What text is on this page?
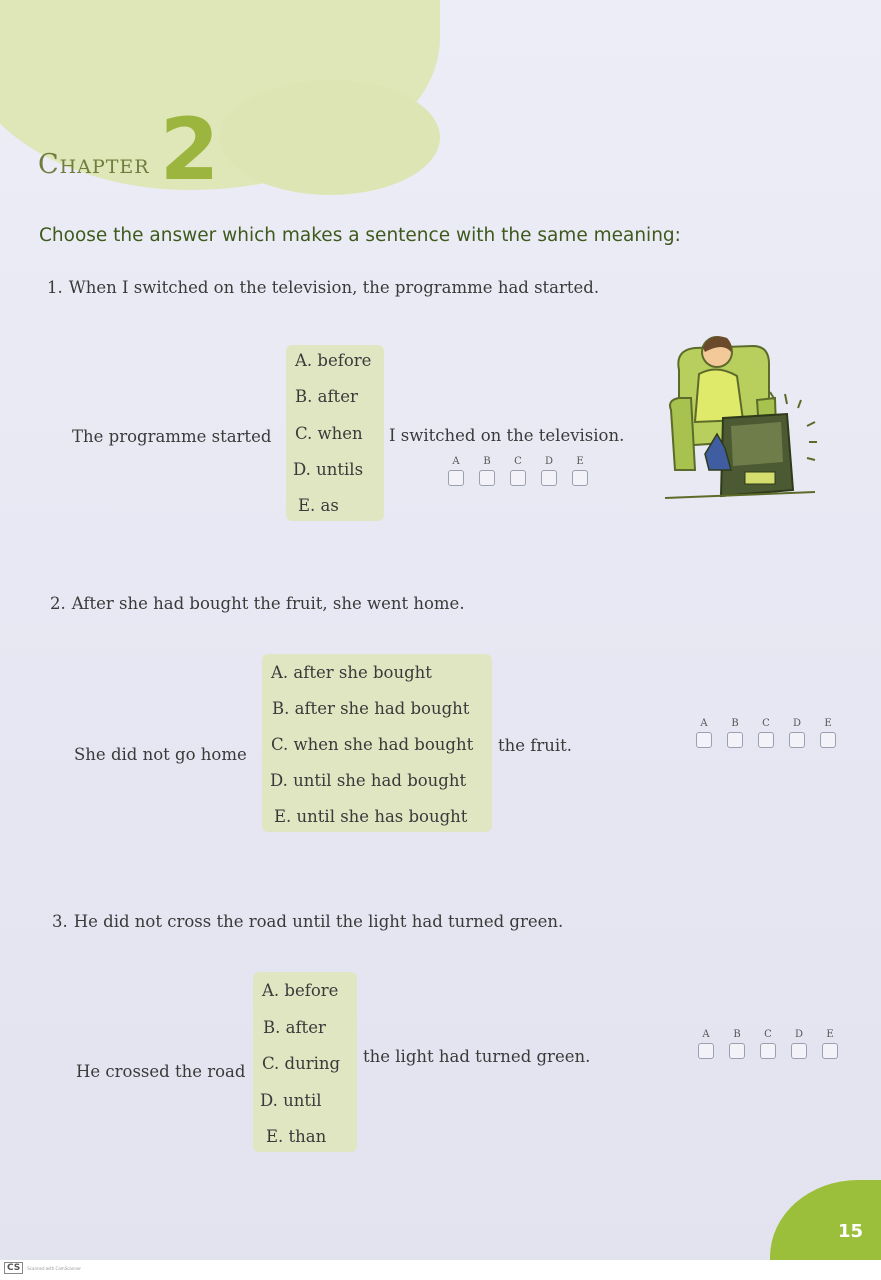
Chapter 2
Choose the answer which makes a sentence with the same meaning:
1. When I switched on the television, the programme had started.
A. before
B. after
C. when
D. untils
E. as
The programme started	I switched on the television.
A	B	C	D	E
2. After she had bought the fruit, she went home.
A. after she bought
B. after she had bought
C. when she had bought
D. until she had bought
E. until she has bought
She did not go home	the fruit.
A	B	C	D	E
3. He did not cross the road until the light had turned green.
A. before
B. after
C. during
D. until
E. than
He crossed the road
the light had turned green.
A	B	C	D	E
15
CS Scanned with CamScanner
